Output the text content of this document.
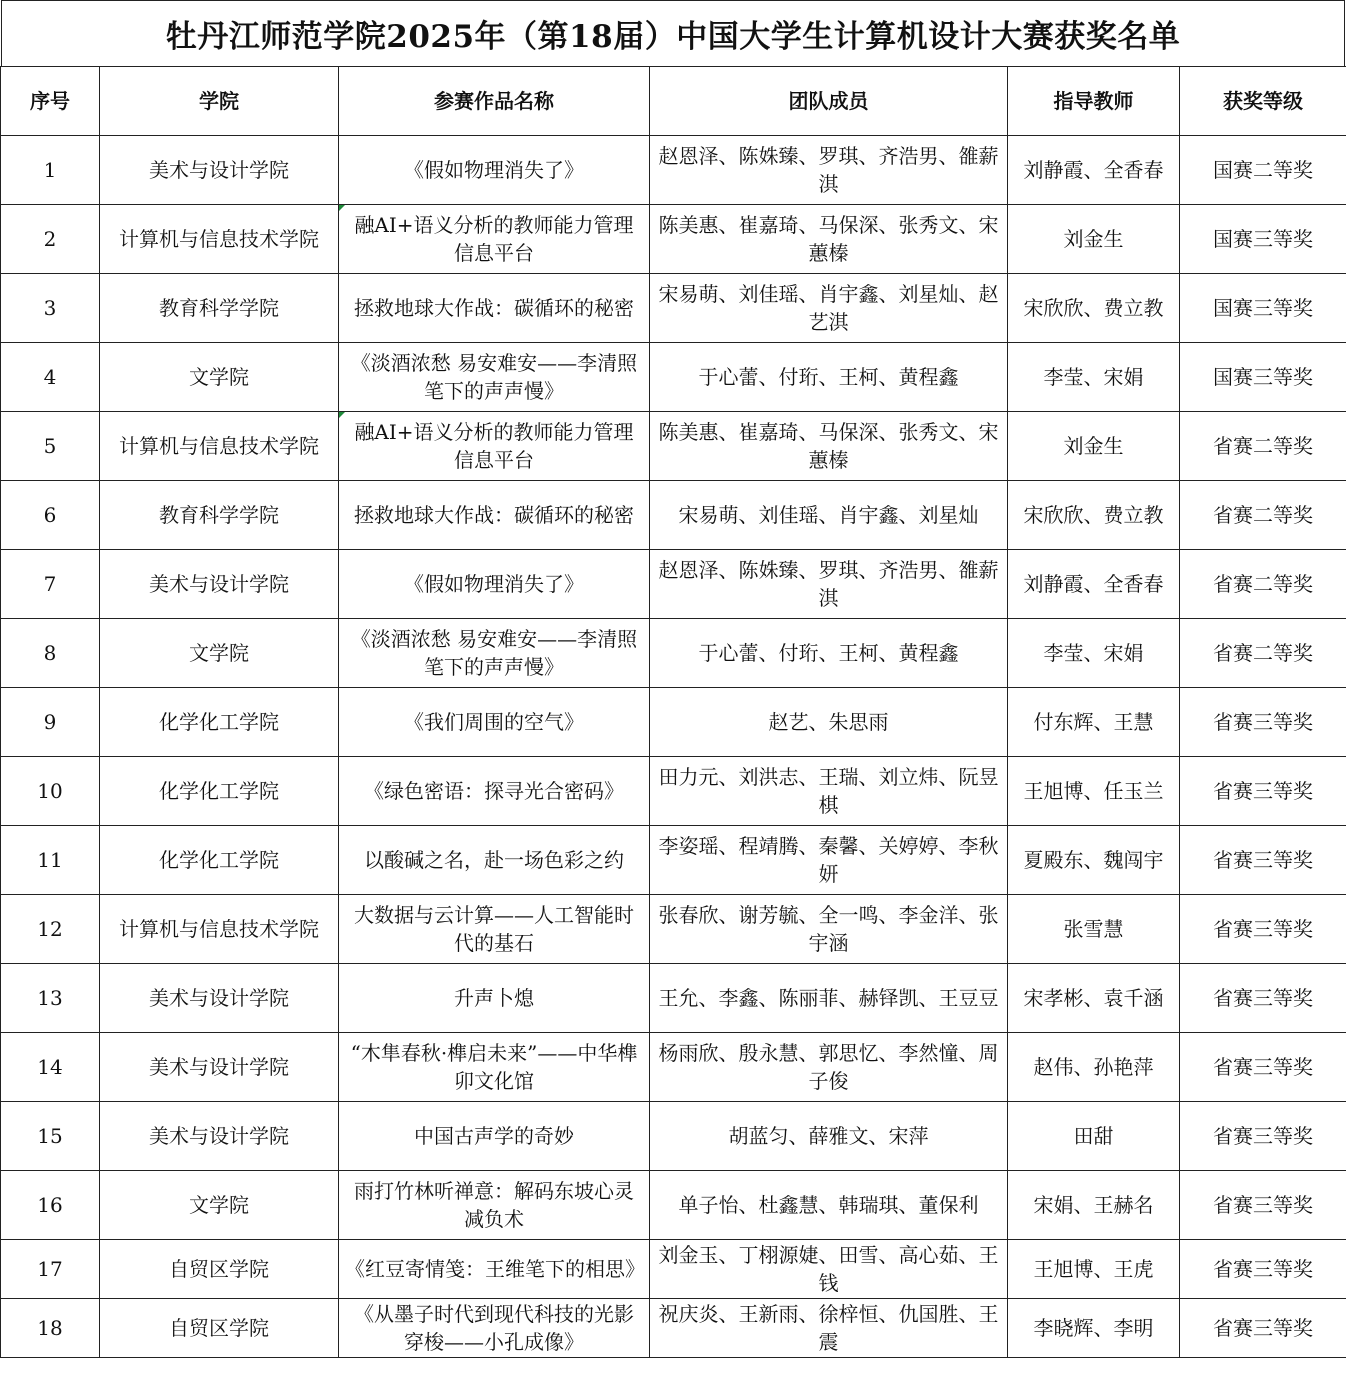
牡丹江师范学院2025年（第18届）中国大学生计算机设计大赛获奖名单
序号	学院	参赛作品名称	团队成员	指导教师	获奖等级
1	美术与设计学院	《假如物理消失了》	赵恩泽、陈姝臻、罗琪、齐浩男、雒薪淇	刘静霞、全香春	国赛二等奖
2	计算机与信息技术学院	融AI+语义分析的教师能力管理信息平台	陈美惠、崔嘉琦、马保深、张秀文、宋蕙榛	刘金生	国赛三等奖
3	教育科学学院	拯救地球大作战：碳循环的秘密	宋易萌、刘佳瑶、肖宇鑫、刘星灿、赵艺淇	宋欣欣、费立教	国赛三等奖
4	文学院	《淡酒浓愁 易安难安——李清照笔下的声声慢》	于心蕾、付珩、王柯、黄程鑫	李莹、宋娟	国赛三等奖
5	计算机与信息技术学院	融AI+语义分析的教师能力管理信息平台	陈美惠、崔嘉琦、马保深、张秀文、宋蕙榛	刘金生	省赛二等奖
6	教育科学学院	拯救地球大作战：碳循环的秘密	宋易萌、刘佳瑶、肖宇鑫、刘星灿	宋欣欣、费立教	省赛二等奖
7	美术与设计学院	《假如物理消失了》	赵恩泽、陈姝臻、罗琪、齐浩男、雒薪淇	刘静霞、全香春	省赛二等奖
8	文学院	《淡酒浓愁 易安难安——李清照笔下的声声慢》	于心蕾、付珩、王柯、黄程鑫	李莹、宋娟	省赛二等奖
9	化学化工学院	《我们周围的空气》	赵艺、朱思雨	付东辉、王慧	省赛三等奖
10	化学化工学院	《绿色密语：探寻光合密码》	田力元、刘洪志、王瑞、刘立炜、阮昱棋	王旭博、任玉兰	省赛三等奖
11	化学化工学院	以酸碱之名，赴一场色彩之约	李姿瑶、程靖腾、秦馨、关婷婷、李秋妍	夏殿东、魏闯宇	省赛三等奖
12	计算机与信息技术学院	大数据与云计算——人工智能时代的基石	张春欣、谢芳毓、全一鸣、李金洋、张宇涵	张雪慧	省赛三等奖
13	美术与设计学院	升声卜熄	王允、李鑫、陈丽菲、赫铎凯、王豆豆	宋孝彬、袁千涵	省赛三等奖
14	美术与设计学院	“木隼春秋·榫启未来”——中华榫卯文化馆	杨雨欣、殷永慧、郭思忆、李然憧、周子俊	赵伟、孙艳萍	省赛三等奖
15	美术与设计学院	中国古声学的奇妙	胡蓝匀、薛雅文、宋萍	田甜	省赛三等奖
16	文学院	雨打竹林听禅意：解码东坡心灵减负术	单子怡、杜鑫慧、韩瑞琪、董保利	宋娟、王赫名	省赛三等奖
17	自贸区学院	《红豆寄情笺：王维笔下的相思》	刘金玉、丁栩源婕、田雪、高心茹、王钱	王旭博、王虎	省赛三等奖
18	自贸区学院	《从墨子时代到现代科技的光影穿梭——小孔成像》	祝庆炎、王新雨、徐梓恒、仇国胜、王震	李晓辉、李明	省赛三等奖
